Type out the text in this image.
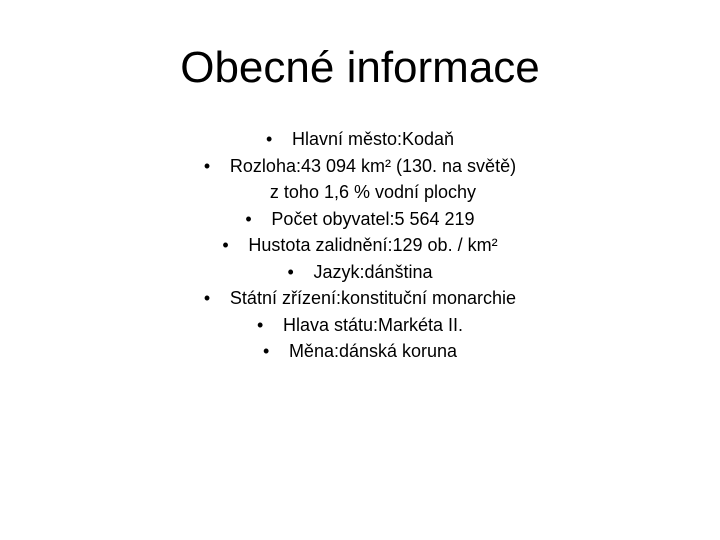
Obecné informace
•	Hlavní město:Kodaň
•	Rozloha:43 094 km² (130. na světě)
z toho 1,6 % vodní plochy
•	Počet obyvatel:5 564 219
•	Hustota zalidnění:129 ob. / km²
•	Jazyk:dánština
•	Státní zřízení:konstituční monarchie
•	Hlava státu:Markéta II.
•	Měna:dánská koruna
